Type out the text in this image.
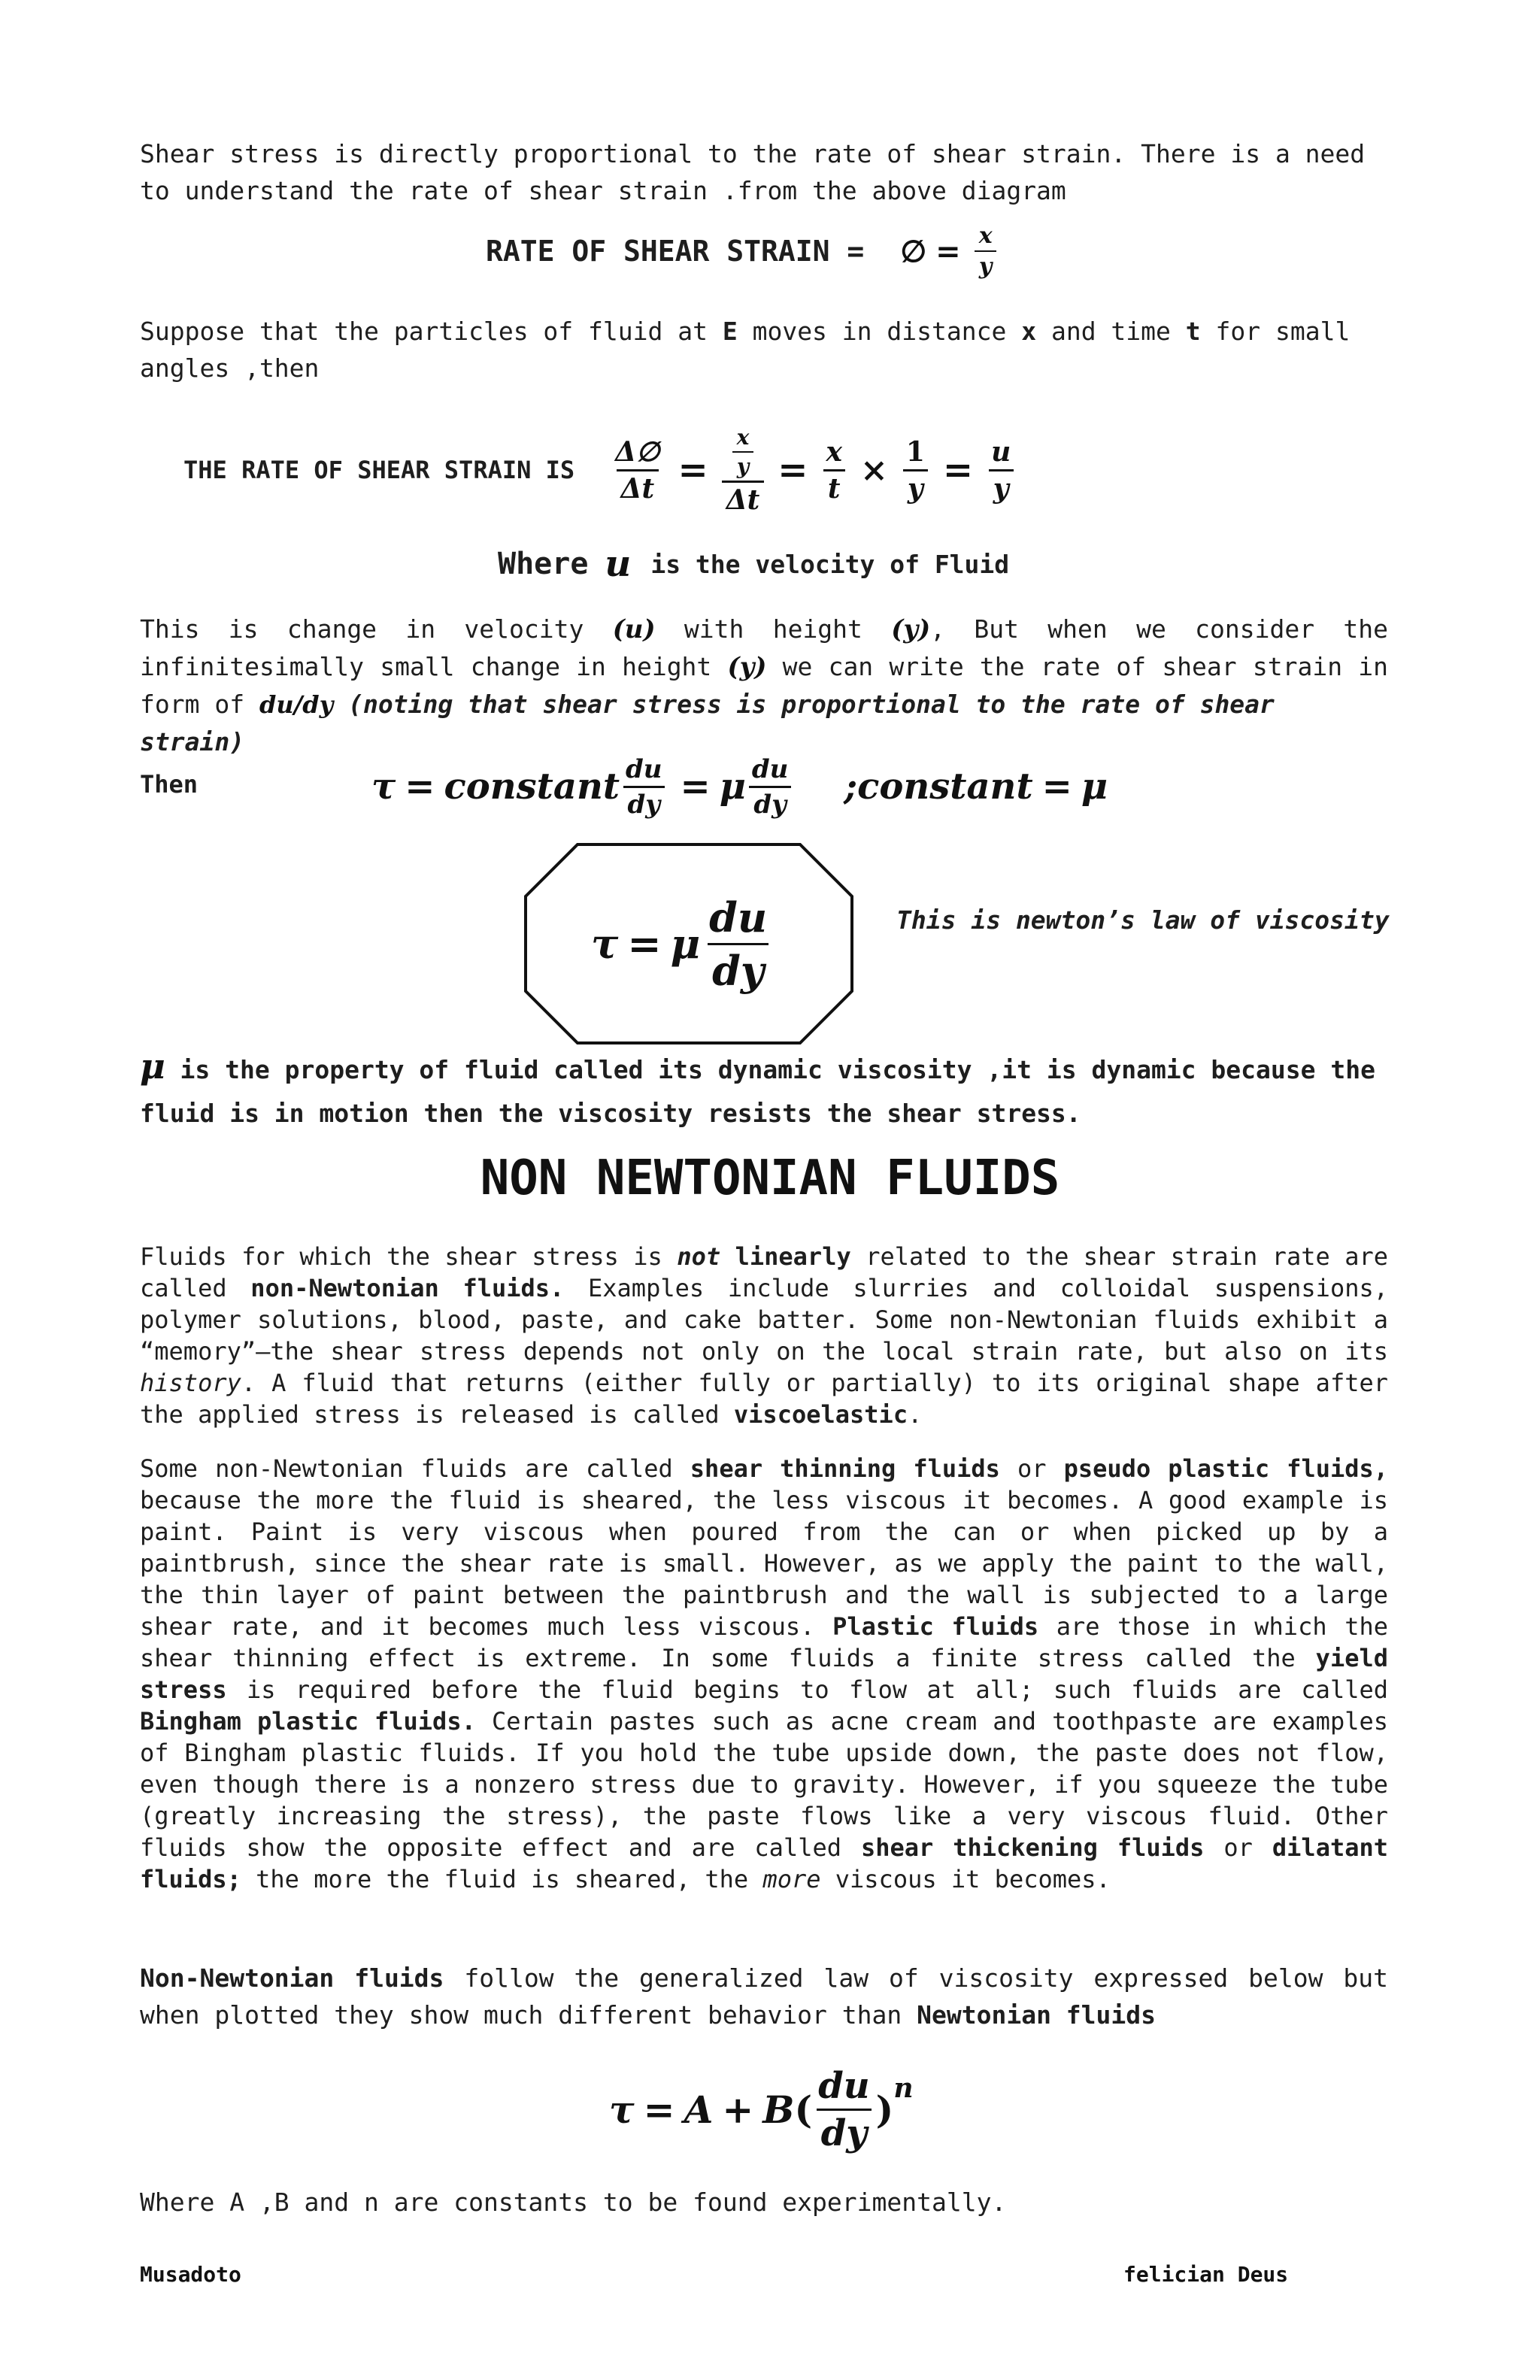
Shear stress is directly proportional to the rate of shear strain. There is a need

to understand the rate of shear strain .from the above diagram

RATE OF SHEAR STRAIN = ∅ = $\frac{x}{y}$

Suppose that the particles of fluid at E moves in distance x and time t for small

angles ,then

THE RATE OF SHEAR STRAIN IS $\frac{\Delta\emptyset}{\Delta t} = \frac{\frac{x}{y}}{\Delta t} = \frac{x}{t} \times \frac{1}{y} = \frac{u}{y}$
Where u is the velocity of Fluid

This is change in velocity (u) with height (y), But when we consider the

infinitesimally small change in height (y) we can write the rate of shear strain in

form of du/dy (noting that shear stress is proportional to the rate of shear strain)

Then	τ = constant $\frac{du}{dy} = \mu \frac{du}{dy}$ ;constant = μ
τ = μ $\frac{du}{dy}$	This is newton’s law of viscosity

μ is the property of fluid called its dynamic viscosity ,it is dynamic because the

fluid is in motion then the viscosity resists the shear stress.

NON NEWTONIAN FLUIDS

Fluids for which the shear stress is not linearly related to the shear strain rate are called non-Newtonian fluids. Examples include slurries and colloidal suspensions, polymer solutions, blood, paste, and cake batter. Some non-Newtonian fluids exhibit a “memory”—the shear stress depends not only on the local strain rate, but also on its history. A fluid that returns (either fully or partially) to its original shape after the applied stress is released is called viscoelastic.

Some non-Newtonian fluids are called shear thinning fluids or pseudo plastic fluids, because the more the fluid is sheared, the less viscous it becomes. A good example is paint. Paint is very viscous when poured from the can or when picked up by a paintbrush, since the shear rate is small. However, as we apply the paint to the wall, the thin layer of paint between the paintbrush and the wall is subjected to a large shear rate, and it becomes much less viscous. Plastic fluids are those in which the shear thinning effect is extreme. In some fluids a finite stress called the yield stress is required before the fluid begins to flow at all; such fluids are called Bingham plastic fluids. Certain pastes such as acne cream and toothpaste are examples of Bingham plastic fluids. If you hold the tube upside down, the paste does not flow, even though there is a nonzero stress due to gravity. However, if you squeeze the tube (greatly increasing the stress), the paste flows like a very viscous fluid. Other fluids show the opposite effect and are called shear thickening fluids or dilatant fluids; the more the fluid is sheared, the more viscous it becomes.

Non-Newtonian fluids follow the generalized law of viscosity expressed below but when plotted they show much different behavior than Newtonian fluids

τ = A + B ( $\frac{du}{dy}$ ) n

Where A ,B and n are constants to be found experimentally.

Musadoto	felician Deus
